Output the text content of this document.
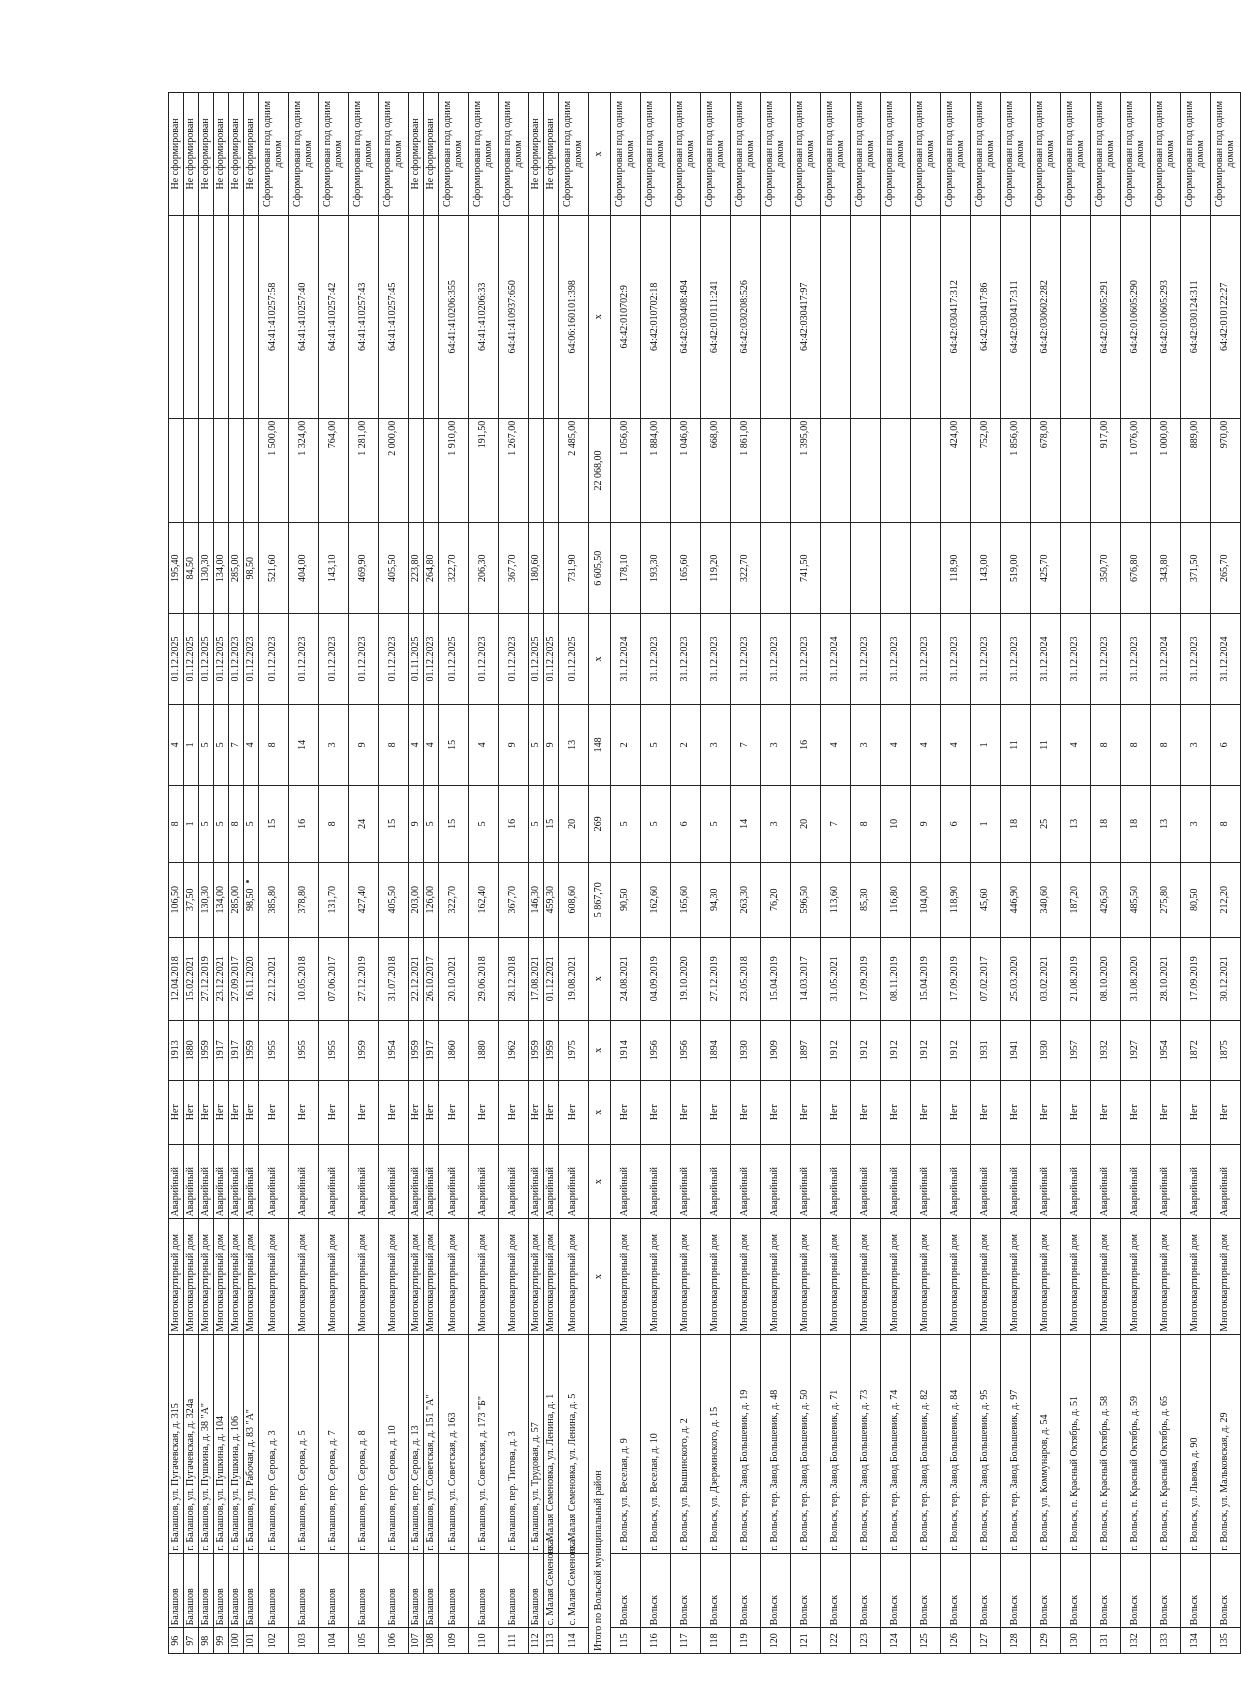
96	Балашов	г. Балашов, ул. Пугачевская, д. 315	Многоквартирный дом	Аварийный	Нет	1913	12.04.2018	106,50	8	4	01.12.2025	195,40			Не сформирован
97	Балашов	г. Балашов, ул. Пугачевская, д. 324а	Многоквартирный дом	Аварийный	Нет	1880	15.02.2021	37,50	1	1	01.12.2025	84,50			Не сформирован
98	Балашов	г. Балашов, ул. Пушкина, д. 38 "А"	Многоквартирный дом	Аварийный	Нет	1959	27.12.2019	130,30	5	5	01.12.2025	130,30			Не сформирован
99	Балашов	г. Балашов, ул. Пушкина, д. 104	Многоквартирный дом	Аварийный	Нет	1917	23.12.2021	134,00	5	5	01.12.2025	134,00			Не сформирован
100	Балашов	г. Балашов, ул. Пушкина, д. 106	Многоквартирный дом	Аварийный	Нет	1917	27.09.2017	285,00	8	7	01.12.2023	285,00			Не сформирован
101	Балашов	г. Балашов, ул. Рабочая, д. 83 "А"	Многоквартирный дом	Аварийный	Нет	1959	16.11.2020	98,50	5	4	01.12.2023	98,50			Не сформирован
102	Балашов	г. Балашов, пер. Серова, д. 3	Многоквартирный дом	Аварийный	Нет	1955	22.12.2021	385,80	15	8	01.12.2023	521,60	1 500,00	64:41:410257:58	Сформирован под одним домом
103	Балашов	г. Балашов, пер. Серова, д. 5	Многоквартирный дом	Аварийный	Нет	1955	10.05.2018	378,80	16	14	01.12.2023	404,00	1 324,00	64:41:410257:40	Сформирован под одним домом
104	Балашов	г. Балашов, пер. Серова, д. 7	Многоквартирный дом	Аварийный	Нет	1955	07.06.2017	131,70	8	3	01.12.2023	143,10	764,00	64:41:410257:42	Сформирован под одним домом
105	Балашов	г. Балашов, пер. Серова, д. 8	Многоквартирный дом	Аварийный	Нет	1959	27.12.2019	427,40	24	9	01.12.2023	469,90	1 281,00	64:41:410257:43	Сформирован под одним домом
106	Балашов	г. Балашов, пер. Серова, д. 10	Многоквартирный дом	Аварийный	Нет	1954	31.07.2018	405,50	15	8	01.12.2023	405,50	2 000,00	64:41:410257:45	Сформирован под одним домом
107	Балашов	г. Балашов, пер. Серова, д. 13	Многоквартирный дом	Аварийный	Нет	1959	22.12.2021	203,00	9	4	01.11.2025	223,80			Не сформирован
108	Балашов	г. Балашов, ул. Советская, д. 151 "А"	Многоквартирный дом	Аварийный	Нет	1917	26.10.2017	126,00	5	4	01.12.2023	264,80			Не сформирован
109	Балашов	г. Балашов, ул. Советская, д. 163	Многоквартирный дом	Аварийный	Нет	1860	20.10.2021	322,70	15	15	01.12.2025	322,70	1 910,00	64:41:410206:355	Сформирован под одним домом
110	Балашов	г. Балашов, ул. Советская, д. 173 "Б"	Многоквартирный дом	Аварийный	Нет	1880	29.06.2018	162,40	5	4	01.12.2023	206,30	191,50	64:41:410206:33	Сформирован под одним домом
111	Балашов	г. Балашов, пер. Титова, д. 3	Многоквартирный дом	Аварийный	Нет	1962	28.12.2018	367,70	16	9	01.12.2023	367,70	1 267,00	64:41:410937:650	Сформирован под одним домом
112	Балашов	г. Балашов, ул. Трудовая, д. 57	Многоквартирный дом	Аварийный	Нет	1959	17.08.2021	146,30	5	5	01.12.2025	180,60			Не сформирован
113	с. Малая Семеновка	с. Малая Семеновка, ул. Ленина, д. 1	Многоквартирный дом	Аварийный	Нет	1959	01.12.2021	459,30	15	9	01.12.2025				Не сформирован
114	с. Малая Семеновка	с. Малая Семеновка, ул. Ленина, д. 5	Многоквартирный дом	Аварийный	Нет	1975	19.08.2021	608,60	20	13	01.12.2025	731,90	2 485,00	64:06:160101:398	Сформирован под одним домом
Итого по Вольской муниципальный район			x	x	x	x	x	5 867,70	269	148	x	6 605,50	22 068,00	x	x
115	Вольск	г. Вольск, ул. Веселая, д. 9	Многоквартирный дом	Аварийный	Нет	1914	24.08.2021	90,50	5	2	31.12.2024	178,10	1 056,00	64:42:010702:9	Сформирован под одним домом
116	Вольск	г. Вольск, ул. Веселая, д. 10	Многоквартирный дом	Аварийный	Нет	1956	04.09.2019	162,60	5	5	31.12.2023	193,30	1 884,00	64:42:010702:18	Сформирован под одним домом
117	Вольск	г. Вольск, ул. Вышинского, д. 2	Многоквартирный дом	Аварийный	Нет	1956	19.10.2020	165,60	6	2	31.12.2023	165,60	1 046,00	64:42:030408:494	Сформирован под одним домом
118	Вольск	г. Вольск, ул. Дзержинского, д. 15	Многоквартирный дом	Аварийный	Нет	1894	27.12.2019	94,30	5	3	31.12.2023	119,20	668,00	64:42:010111:241	Сформирован под одним домом
119	Вольск	г. Вольск, тер. Завод Большевик, д. 19	Многоквартирный дом	Аварийный	Нет	1930	23.05.2018	263,30	14	7	31.12.2023	322,70	1 861,00	64:42:030208:526	Сформирован под одним домом
120	Вольск	г. Вольск, тер. Завод Большевик, д. 48	Многоквартирный дом	Аварийный	Нет	1909	15.04.2019	76,20	3	3	31.12.2023				Сформирован под одним домом
121	Вольск	г. Вольск, тер. Завод Большевик, д. 50	Многоквартирный дом	Аварийный	Нет	1897	14.03.2017	596,50	20	16	31.12.2023	741,50	1 395,00	64:42:030417:97	Сформирован под одним домом
122	Вольск	г. Вольск, тер. Завод Большевик, д. 71	Многоквартирный дом	Аварийный	Нет	1912	31.05.2021	113,60	7	4	31.12.2024				Сформирован под одним домом
123	Вольск	г. Вольск, тер. Завод Большевик, д. 73	Многоквартирный дом	Аварийный	Нет	1912	17.09.2019	85,30	8	3	31.12.2023				Сформирован под одним домом
124	Вольск	г. Вольск, тер. Завод Большевик, д. 74	Многоквартирный дом	Аварийный	Нет	1912	08.11.2019	116,80	10	4	31.12.2023				Сформирован под одним домом
125	Вольск	г. Вольск, тер. Завод Большевик, д. 82	Многоквартирный дом	Аварийный	Нет	1912	15.04.2019	104,00	9	4	31.12.2023				Сформирован под одним домом
126	Вольск	г. Вольск, тер. Завод Большевик, д. 84	Многоквартирный дом	Аварийный	Нет	1912	17.09.2019	118,90	6	4	31.12.2023	118,90	424,00	64:42:030417:312	Сформирован под одним домом
127	Вольск	г. Вольск, тер. Завод Большевик, д. 95	Многоквартирный дом	Аварийный	Нет	1931	07.02.2017	45,60	1	1	31.12.2023	143,00	752,00	64:42:030417:86	Сформирован под одним домом
128	Вольск	г. Вольск, тер. Завод Большевик, д. 97	Многоквартирный дом	Аварийный	Нет	1941	25.03.2020	446,90	18	11	31.12.2023	519,00	1 856,00	64:42:030417:311	Сформирован под одним домом
129	Вольск	г. Вольск, ул. Коммунаров, д. 54	Многоквартирный дом	Аварийный	Нет	1930	03.02.2021	340,60	25	11	31.12.2024	425,70	678,00	64:42:030602:282	Сформирован под одним домом
130	Вольск	г. Вольск, п. Красный Октябрь, д. 51	Многоквартирный дом	Аварийный	Нет	1957	21.08.2019	187,20	13	4	31.12.2023				Сформирован под одним домом
131	Вольск	г. Вольск, п. Красный Октябрь, д. 58	Многоквартирный дом	Аварийный	Нет	1932	08.10.2020	426,50	18	8	31.12.2023	350,70	917,00	64:42:010605:291	Сформирован под одним домом
132	Вольск	г. Вольск, п. Красный Октябрь, д. 59	Многоквартирный дом	Аварийный	Нет	1927	31.08.2020	485,50	18	8	31.12.2023	676,80	1 076,00	64:42:010605:290	Сформирован под одним домом
133	Вольск	г. Вольск, п. Красный Октябрь, д. 65	Многоквартирный дом	Аварийный	Нет	1954	28.10.2021	275,80	13	8	31.12.2024	343,80	1 000,00	64:42:010605:293	Сформирован под одним домом
134	Вольск	г. Вольск, ул. Львова, д. 90	Многоквартирный дом	Аварийный	Нет	1872	17.09.2019	80,50	3	3	31.12.2023	371,50	889,00	64:42:030124:311	Сформирован под одним домом
135	Вольск	г. Вольск, ул. Мальковская, д. 29	Многоквартирный дом	Аварийный	Нет	1875	30.12.2021	212,20	8	6	31.12.2024	265,70	970,00	64:42:010122:27	Сформирован под одним домом
